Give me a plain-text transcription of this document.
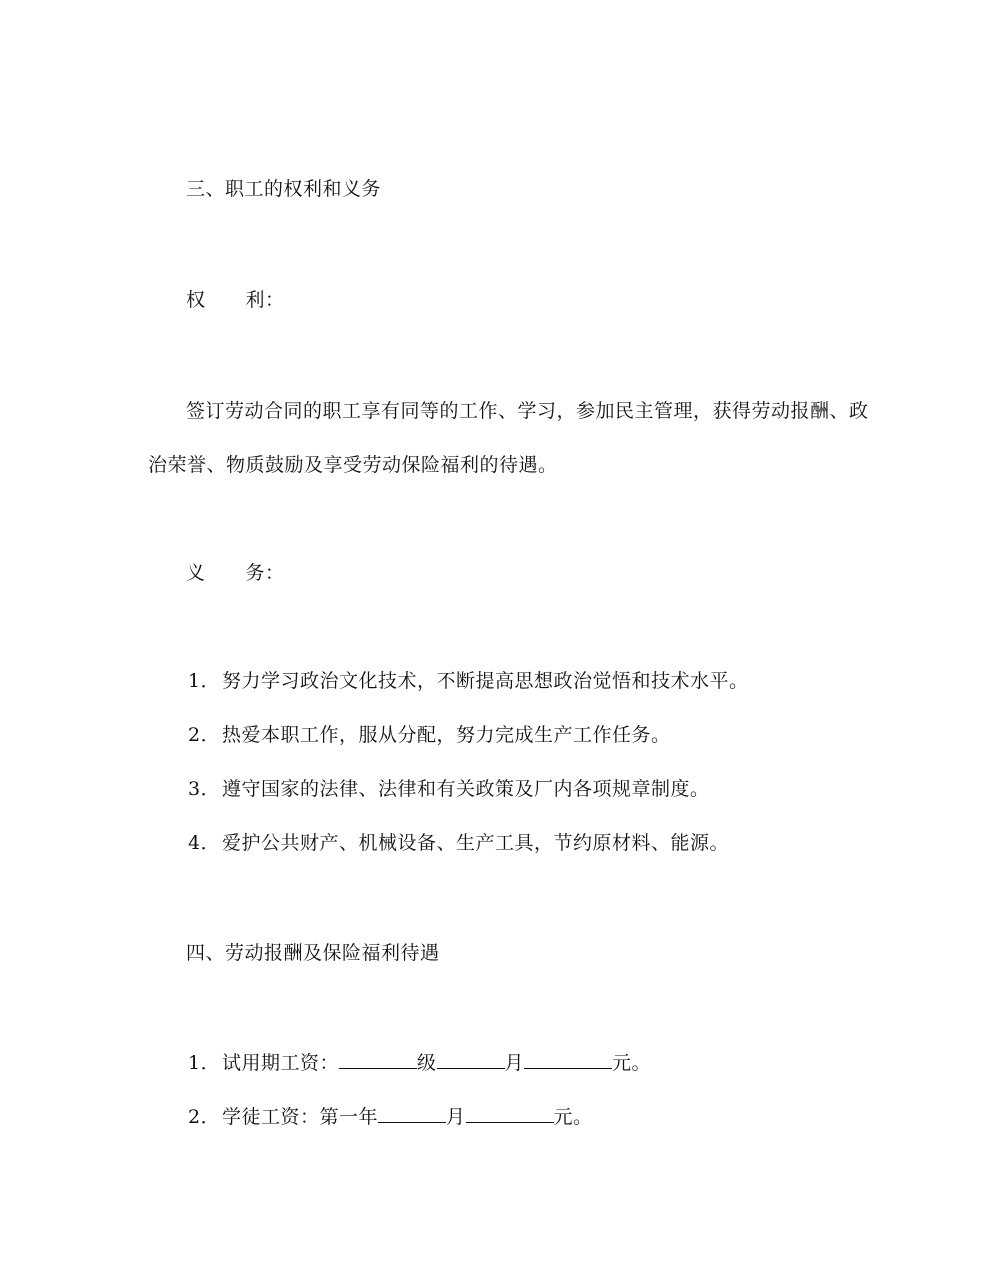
三、职工的权利和义务
权 利：
签订劳动合同的职工享有同等的工作、学习，参加民主管理，获得劳动报酬、政
治荣誉、物质鼓励及享受劳动保险福利的待遇。
义 务：
1． 努力学习政治文化技术，不断提高思想政治觉悟和技术水平。
2． 热爱本职工作，服从分配，努力完成生产工作任务。
3． 遵守国家的法律、法律和有关政策及厂内各项规章制度。
4． 爱护公共财产、机械设备、生产工具，节约原材料、能源。
四、劳动报酬及保险福利待遇
1． 试用期工资：	级	月	元。
2． 学徒工资：第一年	月	元。
